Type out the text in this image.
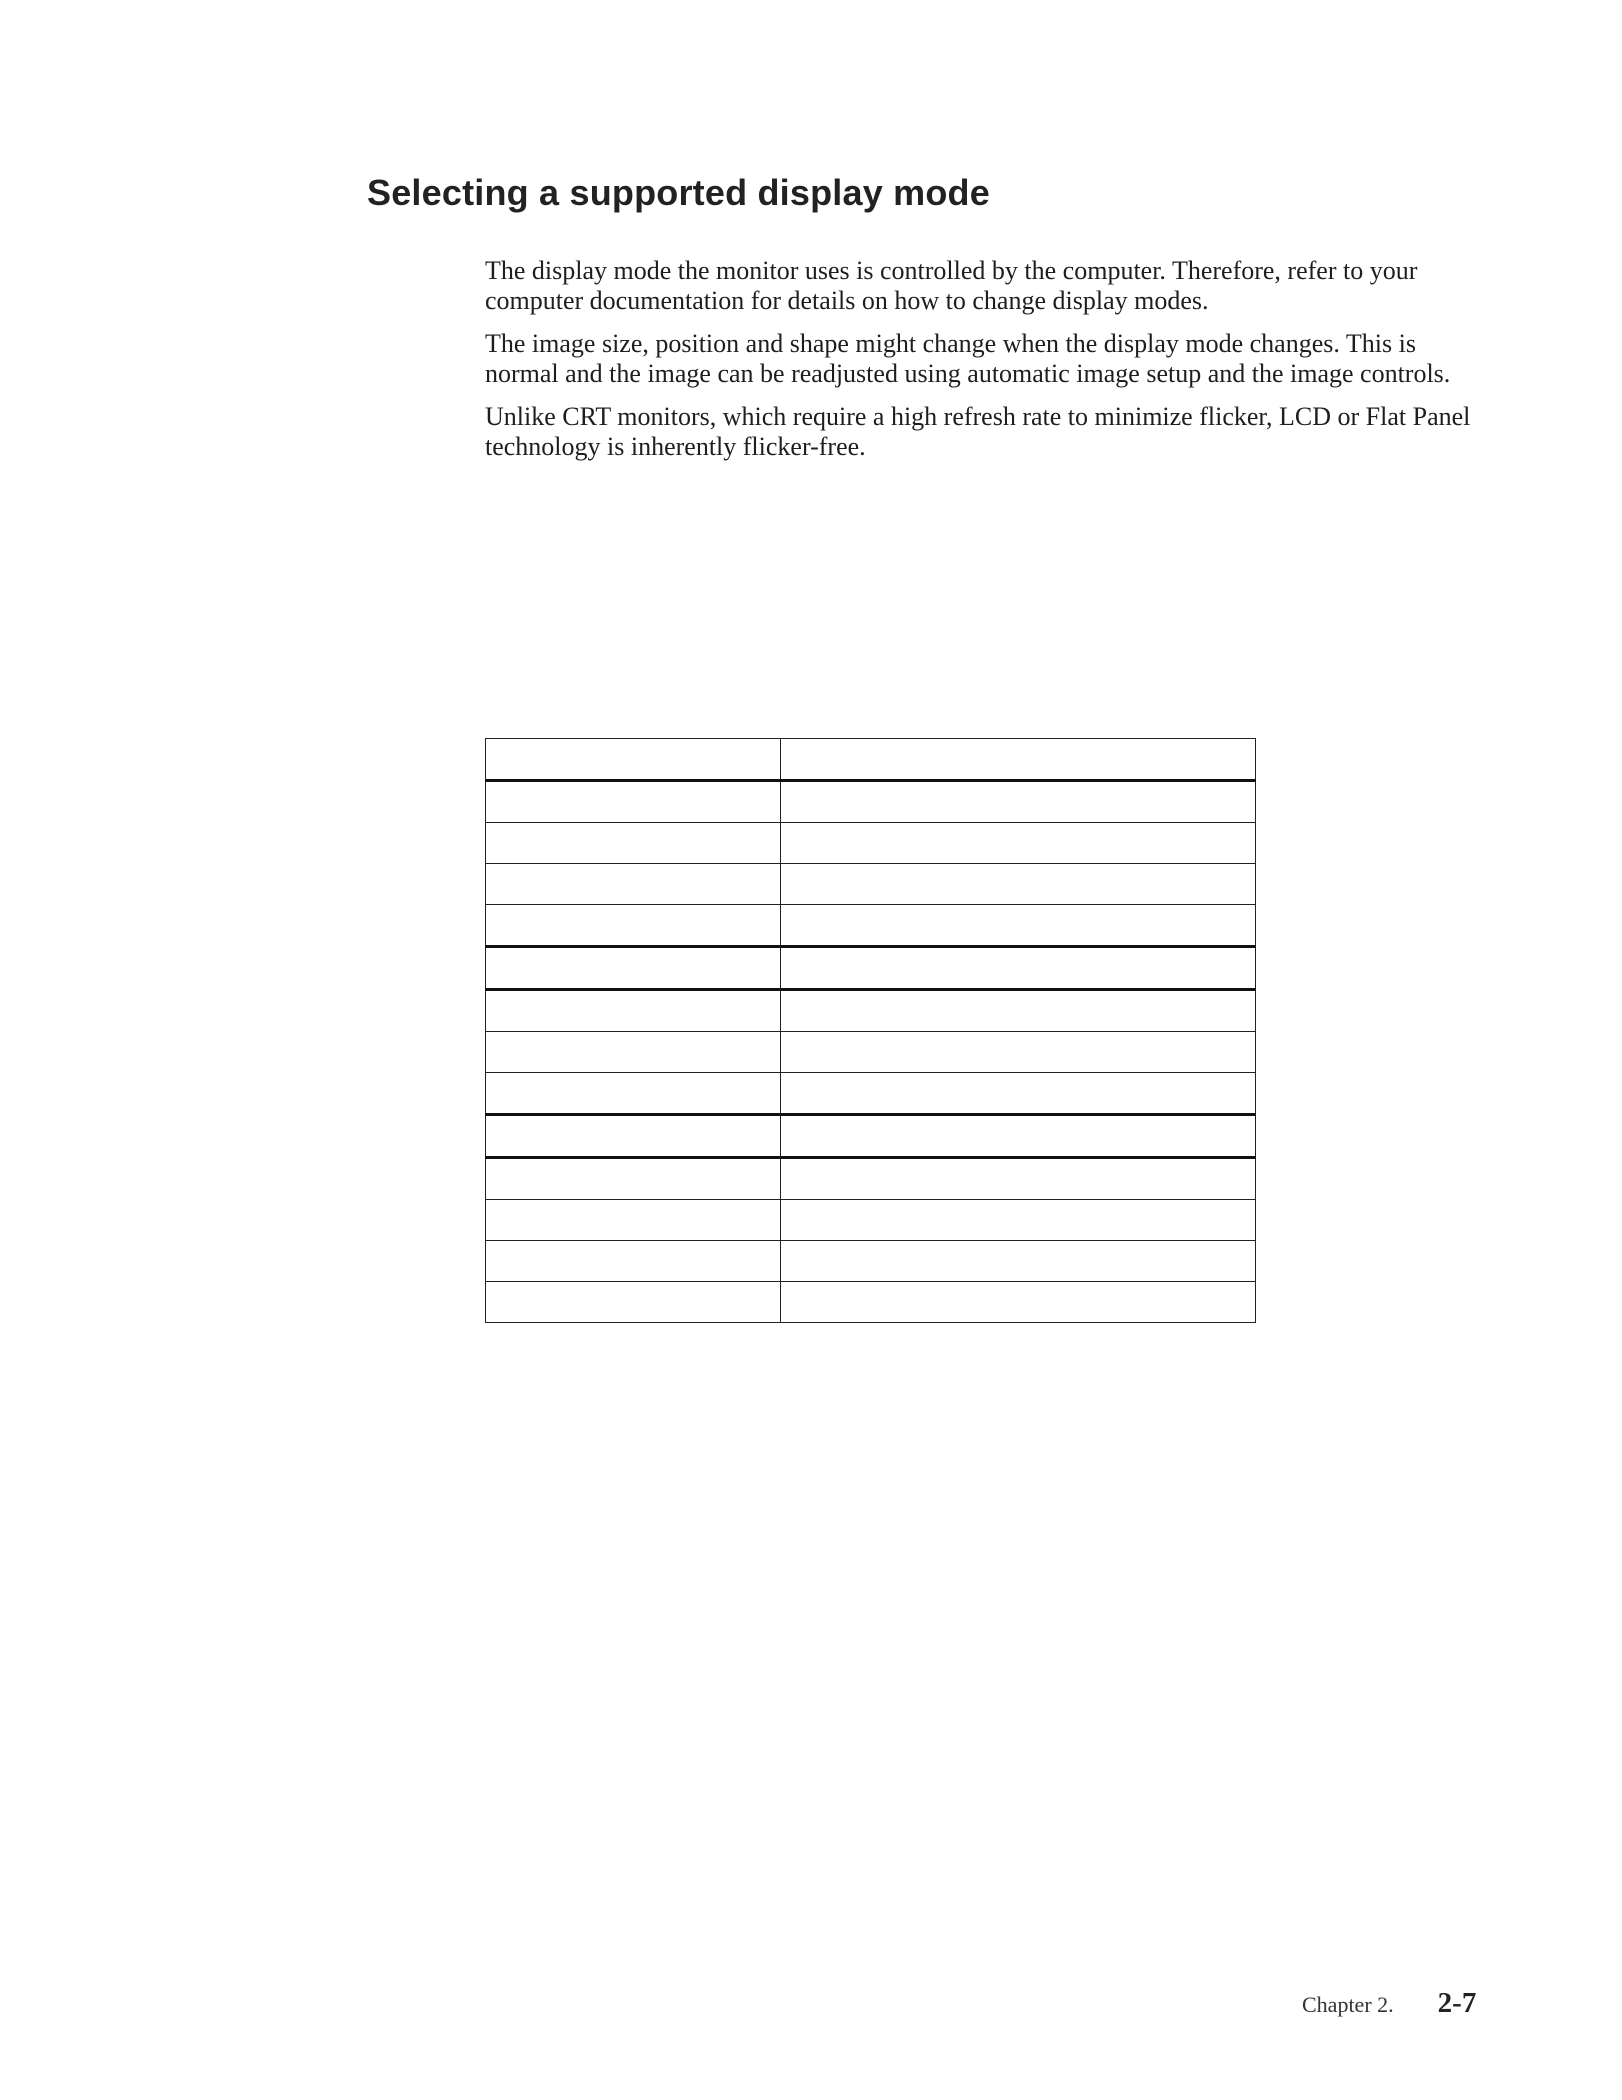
Selecting a supported display mode

The display mode the monitor uses is controlled by the computer. Therefore, refer to your computer documentation for details on how to change display modes.

The image size, position and shape might change when the display mode changes. This is normal and the image can be readjusted using automatic image setup and the image controls.

Unlike CRT monitors, which require a high refresh rate to minimize flicker, LCD or Flat Panel technology is inherently flicker-free.

Chapter 2. 2-7
